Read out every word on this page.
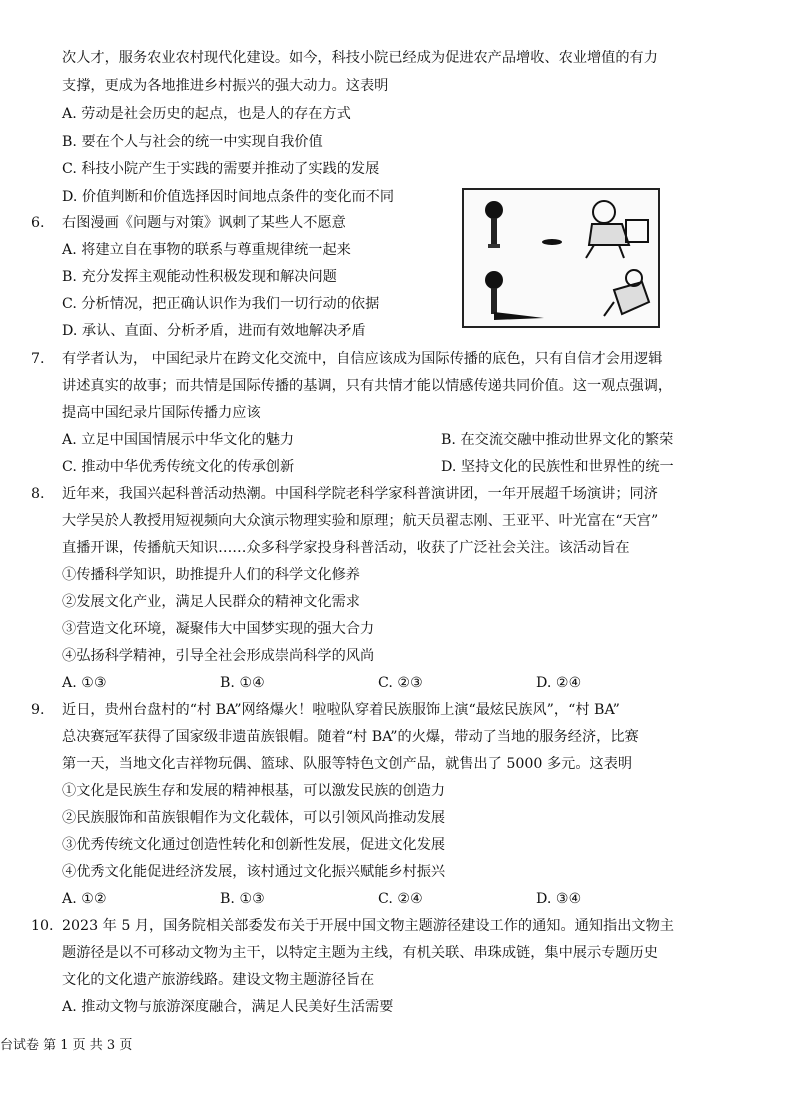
次人才，服务农业农村现代化建设。如今，科技小院已经成为促进农产品增收、农业增值的有力
支撑，更成为各地推进乡村振兴的强大动力。这表明
A. 劳动是社会历史的起点，也是人的存在方式
B. 要在个人与社会的统一中实现自我价值
C. 科技小院产生于实践的需要并推动了实践的发展
D. 价值判断和价值选择因时间地点条件的变化而不同
6. 右图漫画《问题与对策》讽刺了某些人不愿意
A. 将建立自在事物的联系与尊重规律统一起来
B. 充分发挥主观能动性积极发现和解决问题
C. 分析情况，把正确认识作为我们一切行动的依据
D. 承认、直面、分析矛盾，进而有效地解决矛盾
7. 有学者认为， 中国纪录片在跨文化交流中，自信应该成为国际传播的底色，只有自信才会用逻辑
讲述真实的故事；而共情是国际传播的基调，只有共情才能以情感传递共同价值。这一观点强调，
提高中国纪录片国际传播力应该
A. 立足中国国情展示中华文化的魅力	B. 在交流交融中推动世界文化的繁荣
C. 推动中华优秀传统文化的传承创新	D. 坚持文化的民族性和世界性的统一
8. 近年来，我国兴起科普活动热潮。中国科学院老科学家科普演讲团，一年开展超千场演讲；同济
大学吴於人教授用短视频向大众演示物理实验和原理；航天员翟志刚、王亚平、叶光富在“天宫”
直播开课，传播航天知识……众多科学家投身科普活动，收获了广泛社会关注。该活动旨在
①传播科学知识，助推提升人们的科学文化修养
②发展文化产业，满足人民群众的精神文化需求
③营造文化环境，凝聚伟大中国梦实现的强大合力
④弘扬科学精神，引导全社会形成崇尚科学的风尚
A. ①③	B. ①④	C. ②③	D. ②④
9. 近日，贵州台盘村的“村 BA”网络爆火！啦啦队穿着民族服饰上演“最炫民族风”，“村 BA”
总决赛冠军获得了国家级非遗苗族银帽。随着“村 BA”的火爆，带动了当地的服务经济，比赛
第一天，当地文化吉祥物玩偶、篮球、队服等特色文创产品，就售出了 5000 多元。这表明
①文化是民族生存和发展的精神根基，可以激发民族的创造力
②民族服饰和苗族银帽作为文化载体，可以引领风尚推动发展
③优秀传统文化通过创造性转化和创新性发展，促进文化发展
④优秀文化能促进经济发展，该村通过文化振兴赋能乡村振兴
A. ①②	B. ①③	C. ②④	D. ③④
10. 2023 年 5 月，国务院相关部委发布关于开展中国文物主题游径建设工作的通知。通知指出文物主
题游径是以不可移动文物为主干，以特定主题为主线，有机关联、串珠成链，集中展示专题历史
文化的文化遗产旅游线路。建设文物主题游径旨在
A. 推动文物与旅游深度融合，满足人民美好生活需要
台试卷 第 1 页 共 3 页
